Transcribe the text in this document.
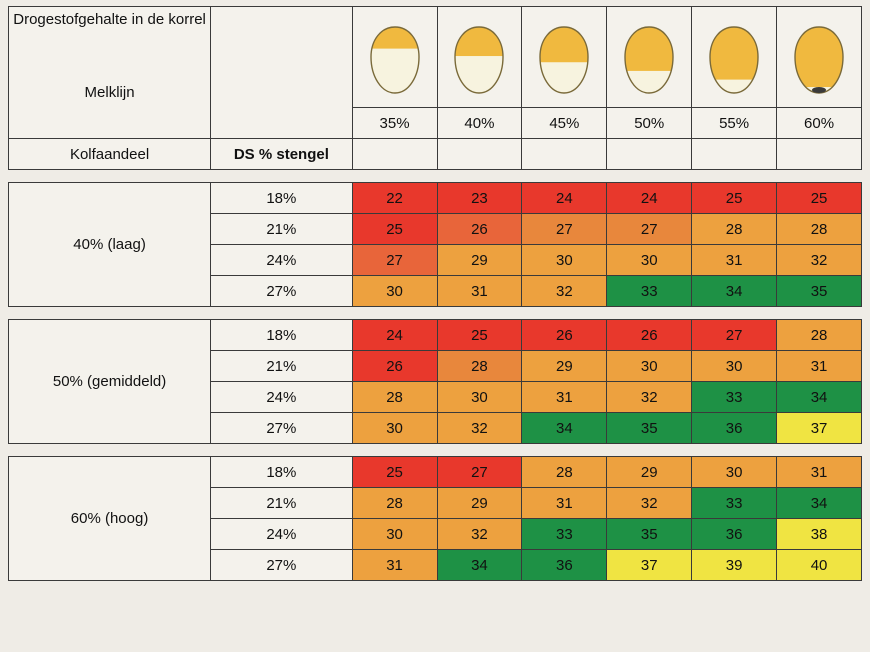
Drogestofgehalte in de korrel
Melklijn		

		35%	40%	45%	50%	55%	60%
Kolfaandeel	DS % stengel						

40% (laag)	18%	22	23	24	24	25	25
	21%	25	26	27	27	28	28
	24%	27	29	30	30	31	32
	27%	30	31	32	33	34	35

50% (gemiddeld)	18%	24	25	26	26	27	28
	21%	26	28	29	30	30	31
	24%	28	30	31	32	33	34
	27%	30	32	34	35	36	37

60% (hoog)	18%	25	27	28	29	30	31
	21%	28	29	31	32	33	34
	24%	30	32	33	35	36	38
	27%	31	34	36	37	39	40
